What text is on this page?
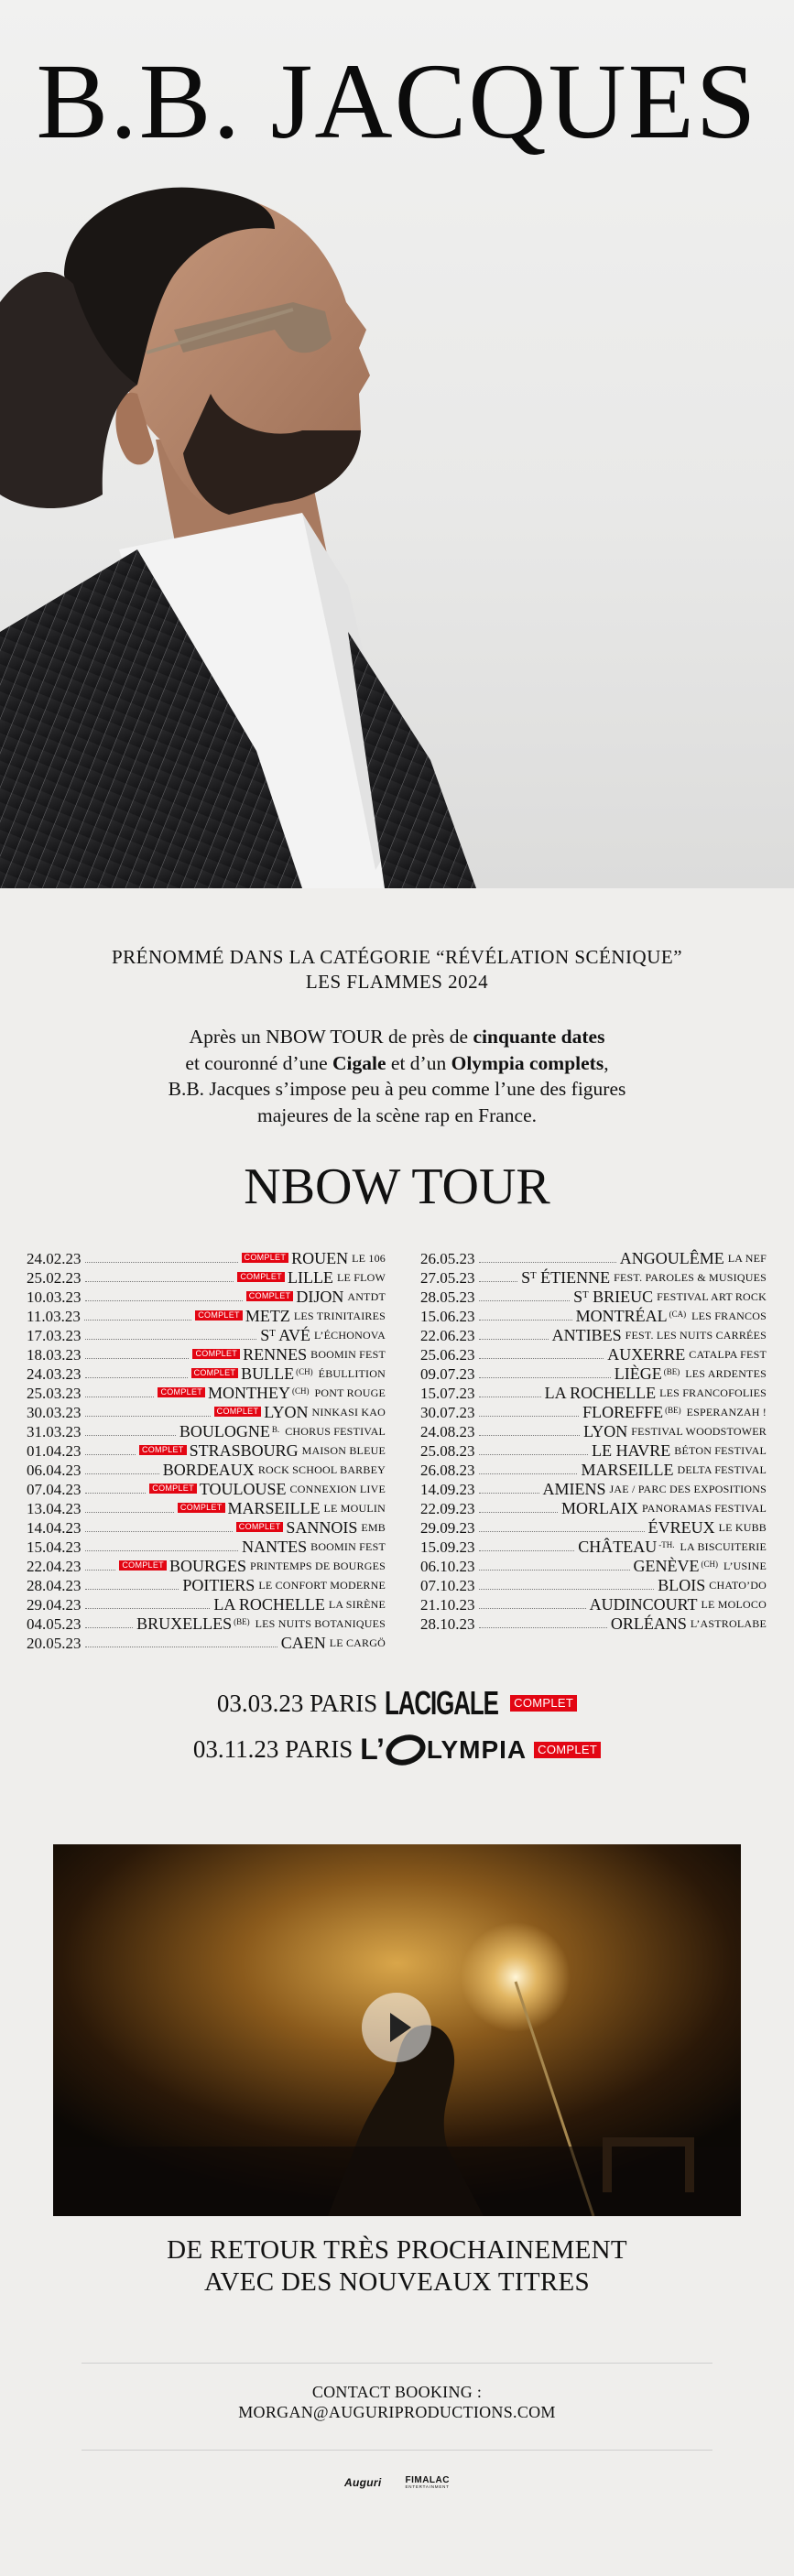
B.B. JACQUES
PRÉNOMMÉ DANS LA CATÉGORIE “RÉVÉLATION SCÉNIQUE”
LES FLAMMES 2024
Après un NBOW TOUR de près de cinquante dates
et couronné d’une Cigale et d’un Olympia complets,
B.B. Jacques s’impose peu à peu comme l’une des figures
majeures de la scène rap en France.
NBOW TOUR
24.02.23	COMPLET ROUEN LE 106
25.02.23	COMPLET LILLE LE FLOW
10.03.23	COMPLET DIJON ANTDT
11.03.23	COMPLET METZ LES TRINITAIRES
17.03.23	Sᵀ AVÉ L’ÉCHONOVA
18.03.23	COMPLET RENNES BOOMIN FEST
24.03.23	COMPLET BULLE (CH) ÉBULLITION
25.03.23	COMPLET MONTHEY (CH) PONT ROUGE
30.03.23	COMPLET LYON NINKASI KAO
31.03.23	BOULOGNE B. CHORUS FESTIVAL
01.04.23	COMPLET STRASBOURG MAISON BLEUE
06.04.23	BORDEAUX ROCK SCHOOL BARBEY
07.04.23	COMPLET TOULOUSE CONNEXION LIVE
13.04.23	COMPLET MARSEILLE LE MOULIN
14.04.23	COMPLET SANNOIS EMB
15.04.23	NANTES BOOMIN FEST
22.04.23	COMPLET BOURGES PRINTEMPS DE BOURGES
28.04.23	POITIERS LE CONFORT MODERNE
29.04.23	LA ROCHELLE LA SIRÈNE
04.05.23	BRUXELLES (BE) LES NUITS BOTANIQUES
20.05.23	CAEN LE CARGÖ
26.05.23	ANGOULÊME LA NEF
27.05.23	Sᵀ ÉTIENNE FEST. PAROLES & MUSIQUES
28.05.23	Sᵀ BRIEUC FESTIVAL ART ROCK
15.06.23	MONTRÉAL (CA) LES FRANCOS
22.06.23	ANTIBES FEST. LES NUITS CARRÉES
25.06.23	AUXERRE CATALPA FEST
09.07.23	LIÈGE (BE) LES ARDENTES
15.07.23	LA ROCHELLE LES FRANCOFOLIES
30.07.23	FLOREFFE (BE) ESPERANZAH !
24.08.23	LYON FESTIVAL WOODSTOWER
25.08.23	LE HAVRE BÉTON FESTIVAL
26.08.23	MARSEILLE DELTA FESTIVAL
14.09.23	AMIENS JAE / PARC DES EXPOSITIONS
22.09.23	MORLAIX PANORAMAS FESTIVAL
29.09.23	ÉVREUX LE KUBB
15.09.23	CHÂTEAU -TH. LA BISCUITERIE
06.10.23	GENÈVE (CH) L’USINE
07.10.23	BLOIS CHATO’DO
21.10.23	AUDINCOURT LE MOLOCO
28.10.23	ORLÉANS L’ASTROLABE
03.03.23 PARIS LACIGALE	COMPLET
03.11.23 PARIS L’ LYMPIA COMPLET
DE RETOUR TRÈS PROCHAINEMENT
AVEC DES NOUVEAUX TITRES
CONTACT BOOKING :
MORGAN@AUGURIPRODUCTIONS.COM
Auguri	FIMALAC
ENTERTAINMENT
